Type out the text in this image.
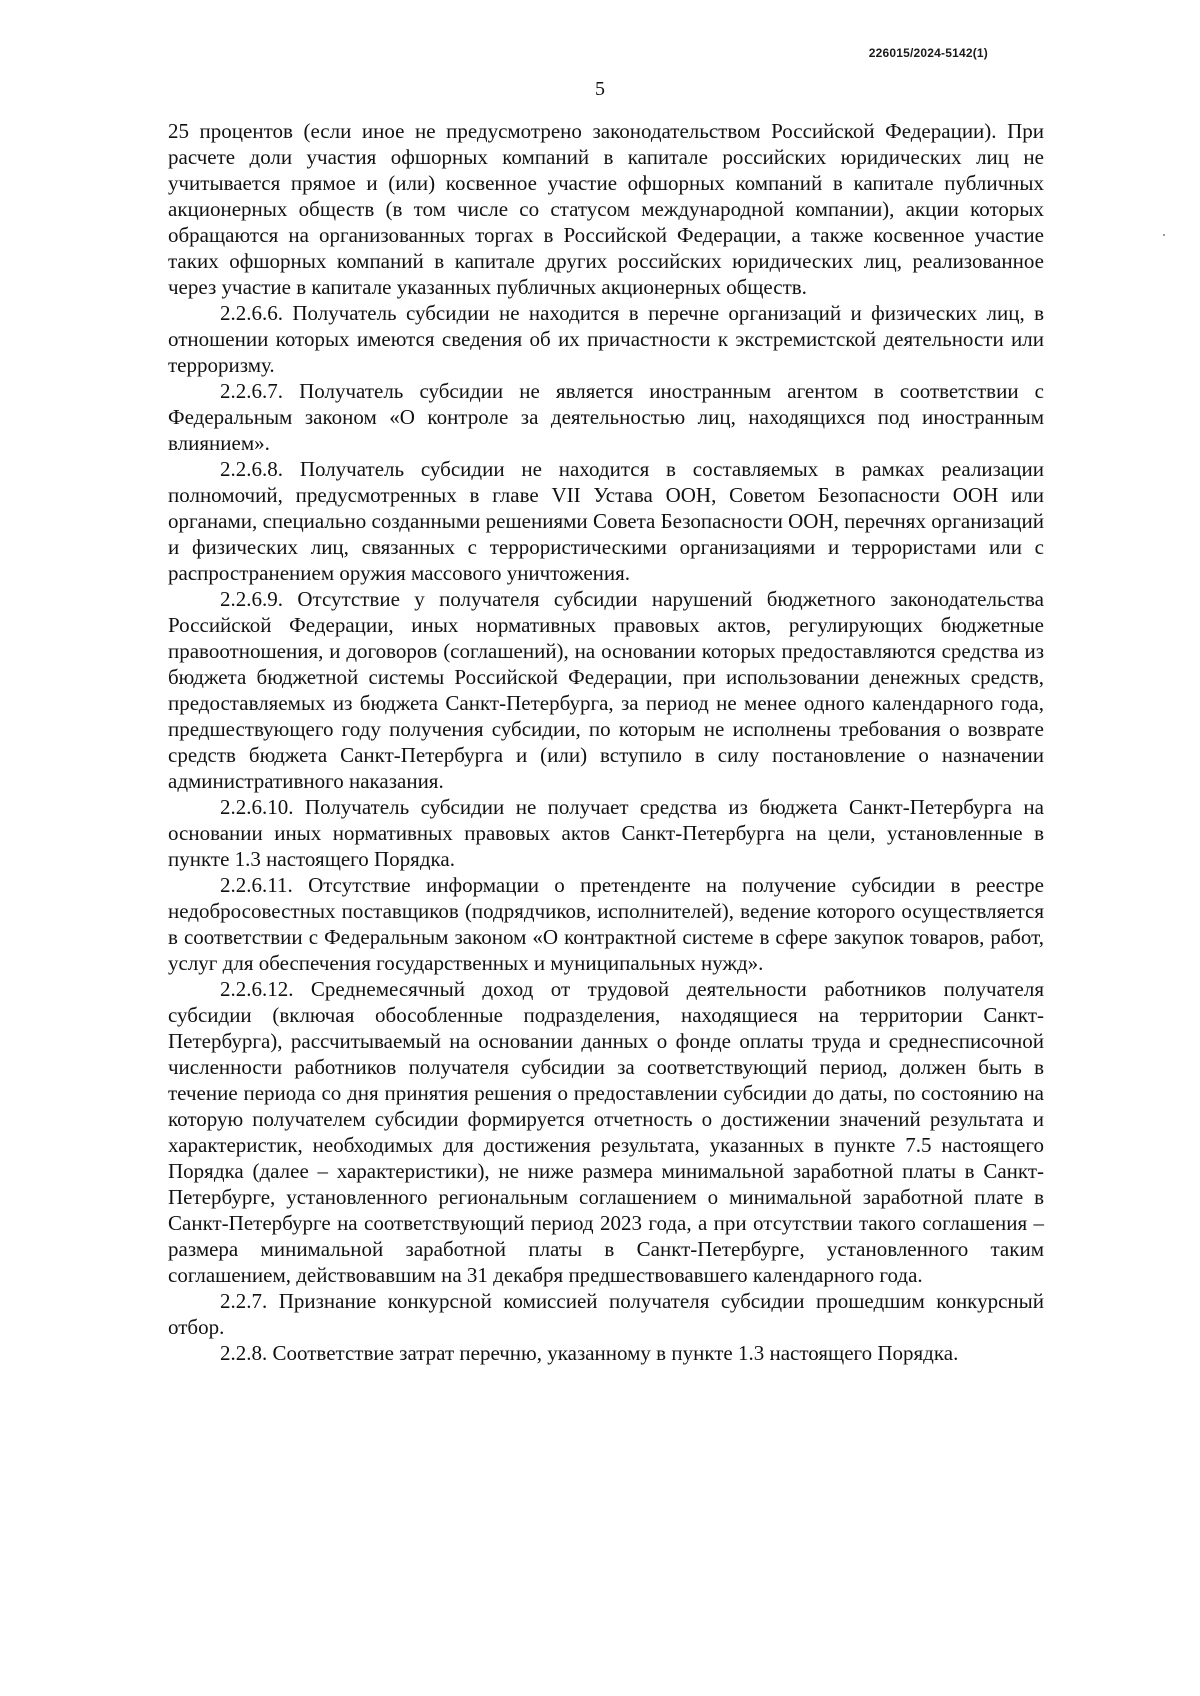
226015/2024-5142(1)
5

25 процентов (если иное не предусмотрено законодательством Российской Федерации). При расчете доли участия офшорных компаний в капитале российских юридических лиц не учитывается прямое и (или) косвенное участие офшорных компаний в капитале публичных акционерных обществ (в том числе со статусом международной компании), акции которых обращаются на организованных торгах в Российской Федерации, а также косвенное участие таких офшорных компаний в капитале других российских юридических лиц, реализованное через участие в капитале указанных публичных акционерных обществ.

2.2.6.6. Получатель субсидии не находится в перечне организаций и физических лиц, в отношении которых имеются сведения об их причастности к экстремистской деятельности или терроризму.

2.2.6.7. Получатель субсидии не является иностранным агентом в соответствии с Федеральным законом «О контроле за деятельностью лиц, находящихся под иностранным влиянием».

2.2.6.8. Получатель субсидии не находится в составляемых в рамках реализации полномочий, предусмотренных в главе VII Устава ООН, Советом Безопасности ООН или органами, специально созданными решениями Совета Безопасности ООН, перечнях организаций и физических лиц, связанных с террористическими организациями и террористами или с распространением оружия массового уничтожения.

2.2.6.9. Отсутствие у получателя субсидии нарушений бюджетного законодательства Российской Федерации, иных нормативных правовых актов, регулирующих бюджетные правоотношения, и договоров (соглашений), на основании которых предоставляются средства из бюджета бюджетной системы Российской Федерации, при использовании денежных средств, предоставляемых из бюджета Санкт-Петербурга, за период не менее одного календарного года, предшествующего году получения субсидии, по которым не исполнены требования о возврате средств бюджета Санкт-Петербурга и (или) вступило в силу постановление о назначении административного наказания.

2.2.6.10. Получатель субсидии не получает средства из бюджета Санкт-Петербурга на основании иных нормативных правовых актов Санкт-Петербурга на цели, установленные в пункте 1.3 настоящего Порядка.

2.2.6.11. Отсутствие информации о претенденте на получение субсидии в реестре недобросовестных поставщиков (подрядчиков, исполнителей), ведение которого осуществляется в соответствии с Федеральным законом «О контрактной системе в сфере закупок товаров, работ, услуг для обеспечения государственных и муниципальных нужд».

2.2.6.12. Среднемесячный доход от трудовой деятельности работников получателя субсидии (включая обособленные подразделения, находящиеся на территории Санкт-Петербурга), рассчитываемый на основании данных о фонде оплаты труда и среднесписочной численности работников получателя субсидии за соответствующий период, должен быть в течение периода со дня принятия решения о предоставлении субсидии до даты, по состоянию на которую получателем субсидии формируется отчетность о достижении значений результата и характеристик, необходимых для достижения результата, указанных в пункте 7.5 настоящего Порядка (далее – характеристики), не ниже размера минимальной заработной платы в Санкт-Петербурге, установленного региональным соглашением о минимальной заработной плате в Санкт-Петербурге на соответствующий период 2023 года, а при отсутствии такого соглашения – размера минимальной заработной платы в Санкт-Петербурге, установленного таким соглашением, действовавшим на 31 декабря предшествовавшего календарного года.

2.2.7. Признание конкурсной комиссией получателя субсидии прошедшим конкурсный отбор.

2.2.8. Соответствие затрат перечню, указанному в пункте 1.3 настоящего Порядка.
